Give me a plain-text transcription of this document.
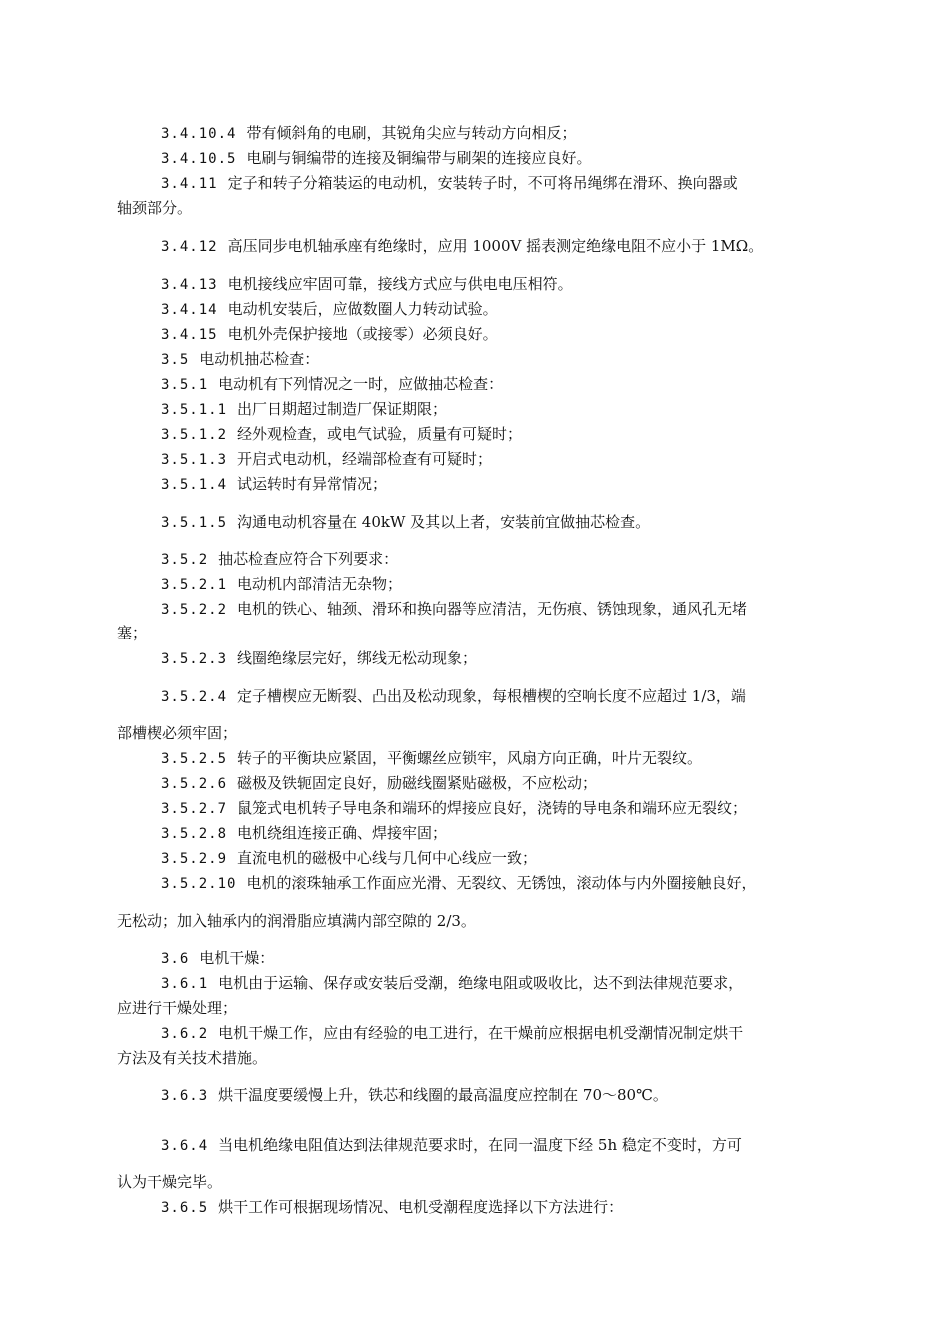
3.4.10.4 带有倾斜角的电刷，其锐角尖应与转动方向相反；
3.4.10.5 电刷与铜编带的连接及铜编带与刷架的连接应良好。
3.4.11 定子和转子分箱装运的电动机，安装转子时，不可将吊绳绑在滑环、换向器或
轴颈部分。
3.4.12 高压同步电机轴承座有绝缘时，应用 1000V 摇表测定绝缘电阻不应小于 1MΩ。
3.4.13 电机接线应牢固可靠，接线方式应与供电电压相符。
3.4.14 电动机安装后，应做数圈人力转动试验。
3.4.15 电机外壳保护接地（或接零）必须良好。
3.5 电动机抽芯检查：
3.5.1 电动机有下列情况之一时，应做抽芯检查：
3.5.1.1 出厂日期超过制造厂保证期限；
3.5.1.2 经外观检查，或电气试验，质量有可疑时；
3.5.1.3 开启式电动机，经端部检查有可疑时；
3.5.1.4 试运转时有异常情况；
3.5.1.5 沟通电动机容量在 40kW 及其以上者，安装前宜做抽芯检查。
3.5.2 抽芯检查应符合下列要求：
3.5.2.1 电动机内部清洁无杂物；
3.5.2.2 电机的铁心、轴颈、滑环和换向器等应清洁，无伤痕、锈蚀现象，通风孔无堵
塞；
3.5.2.3 线圈绝缘层完好，绑线无松动现象；
3.5.2.4 定子槽楔应无断裂、凸出及松动现象，每根槽楔的空响长度不应超过 1/3，端
部槽楔必须牢固；
3.5.2.5 转子的平衡块应紧固，平衡螺丝应锁牢，风扇方向正确，叶片无裂纹。
3.5.2.6 磁极及铁轭固定良好，励磁线圈紧贴磁极，不应松动；
3.5.2.7 鼠笼式电机转子导电条和端环的焊接应良好，浇铸的导电条和端环应无裂纹；
3.5.2.8 电机绕组连接正确、焊接牢固；
3.5.2.9 直流电机的磁极中心线与几何中心线应一致；
3.5.2.10 电机的滚珠轴承工作面应光滑、无裂纹、无锈蚀，滚动体与内外圈接触良好，
无松动；加入轴承内的润滑脂应填满内部空隙的 2/3。
3.6 电机干燥：
3.6.1 电机由于运输、保存或安装后受潮，绝缘电阻或吸收比，达不到法律规范要求，
应进行干燥处理；
3.6.2 电机干燥工作，应由有经验的电工进行，在干燥前应根据电机受潮情况制定烘干
方法及有关技术措施。
3.6.3 烘干温度要缓慢上升，铁芯和线圈的最高温度应控制在 70～80℃。
3.6.4 当电机绝缘电阻值达到法律规范要求时，在同一温度下经 5h 稳定不变时，方可
认为干燥完毕。
3.6.5 烘干工作可根据现场情况、电机受潮程度选择以下方法进行：
